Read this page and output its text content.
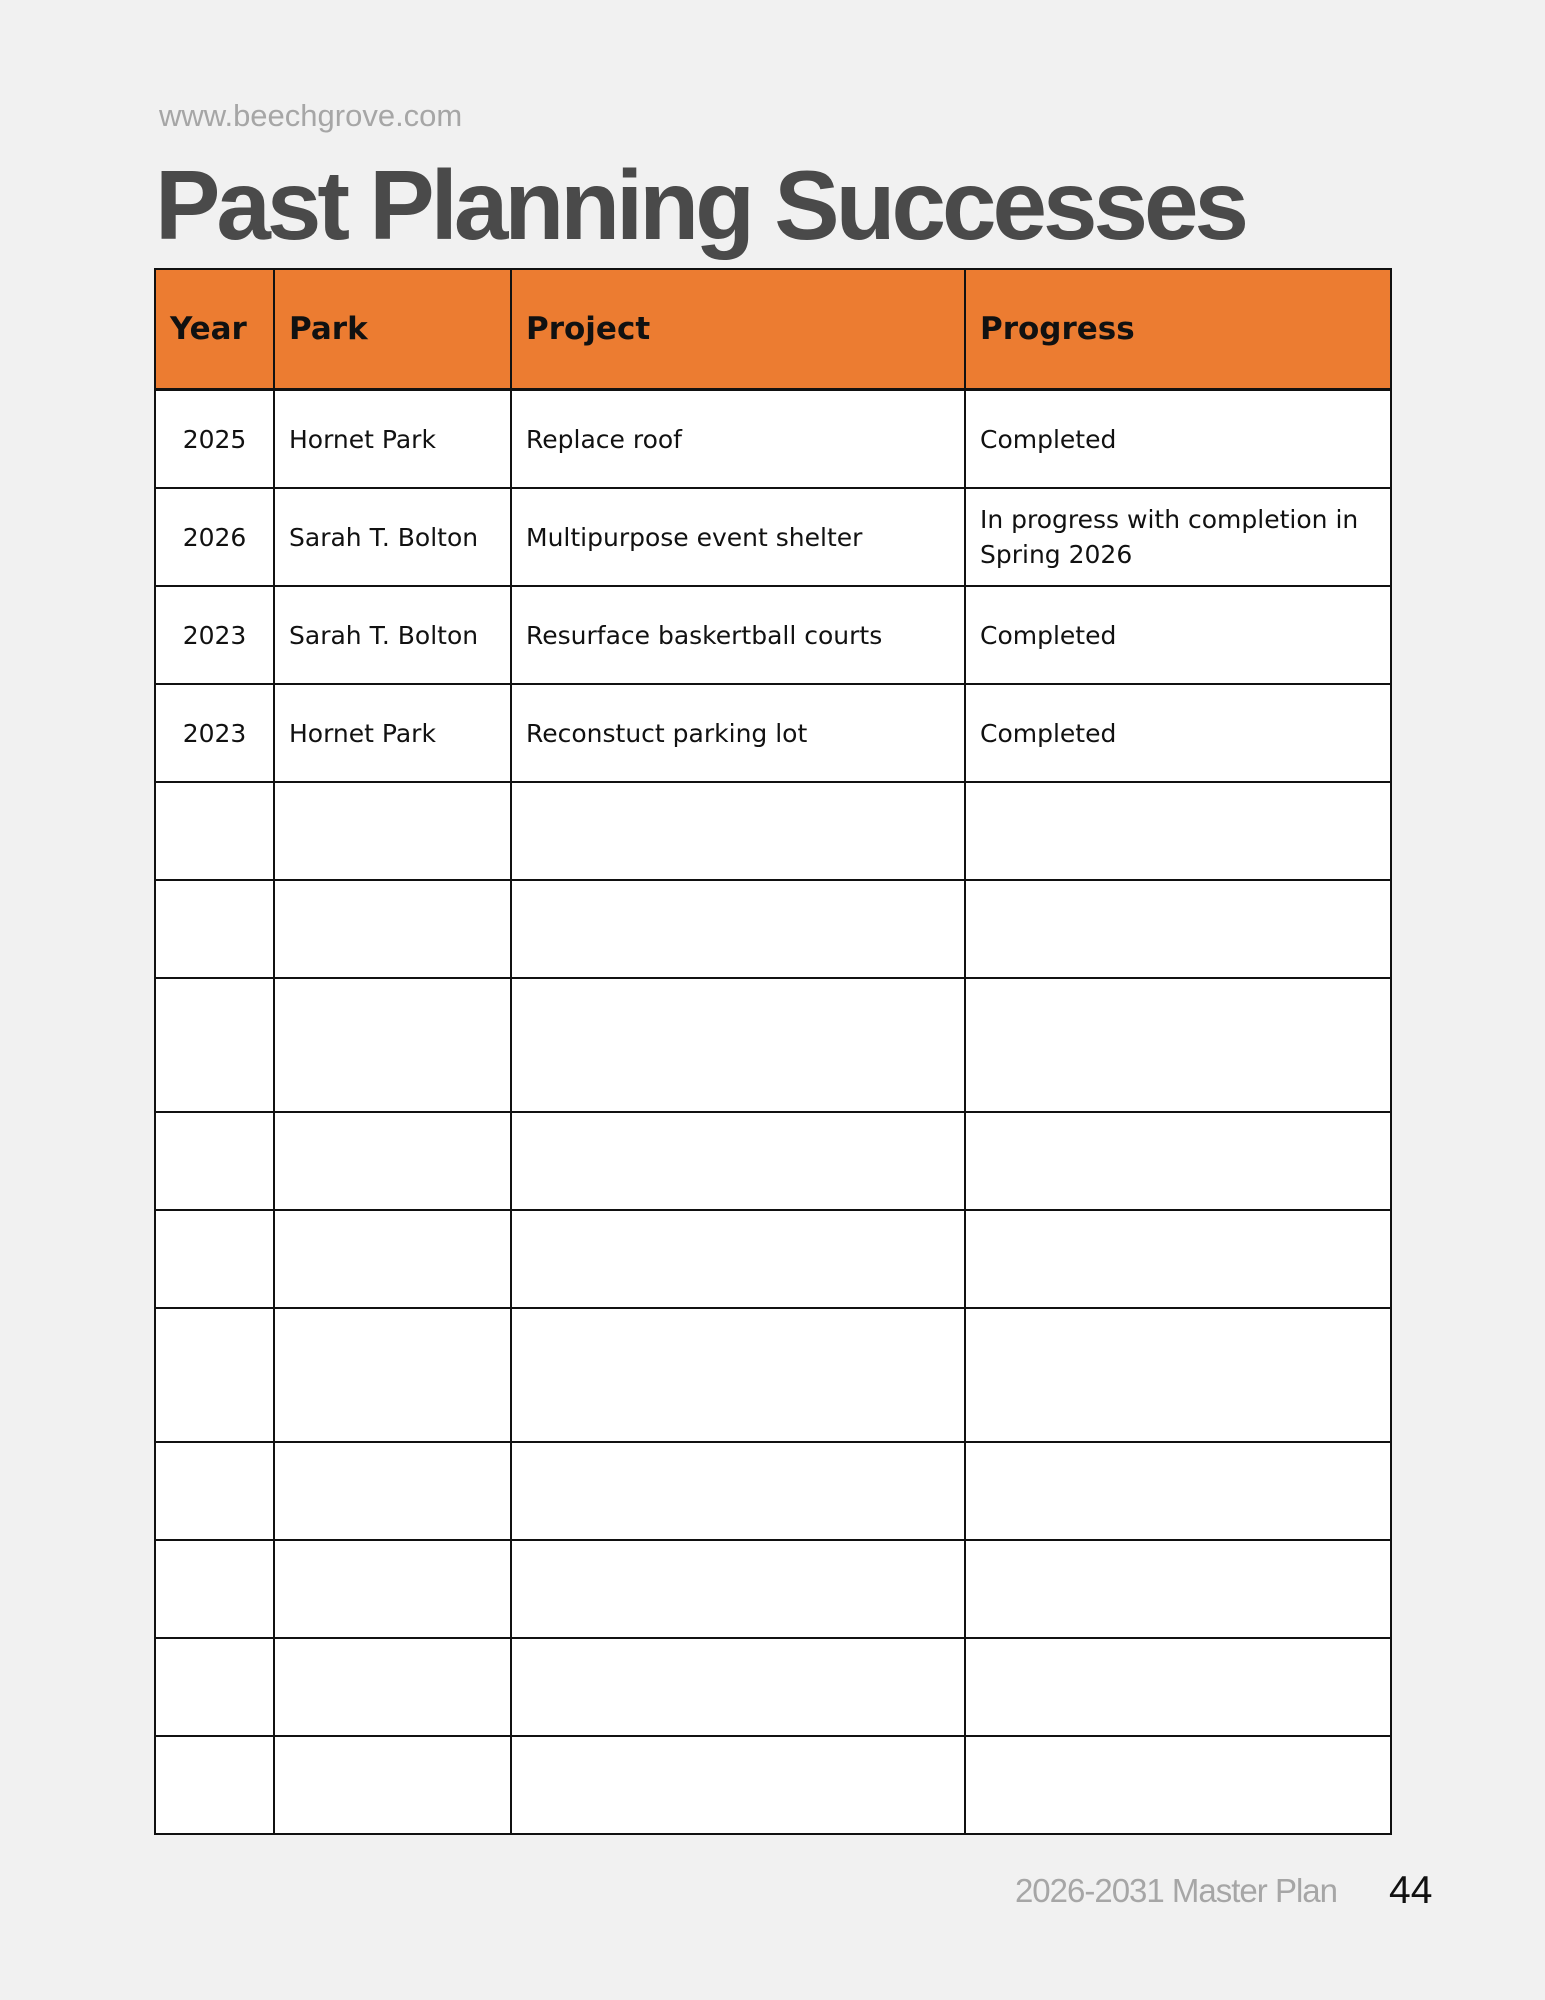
www.beechgrove.com
Past Planning Successes
Year	Park	Project	Progress
2025	Hornet Park	Replace roof	Completed
2026	Sarah T. Bolton	Multipurpose event shelter	In progress with completion in Spring 2026
2023	Sarah T. Bolton	Resurface baskertball courts	Completed
2023	Hornet Park	Reconstuct parking lot	Completed

2026-2031 Master Plan 44
